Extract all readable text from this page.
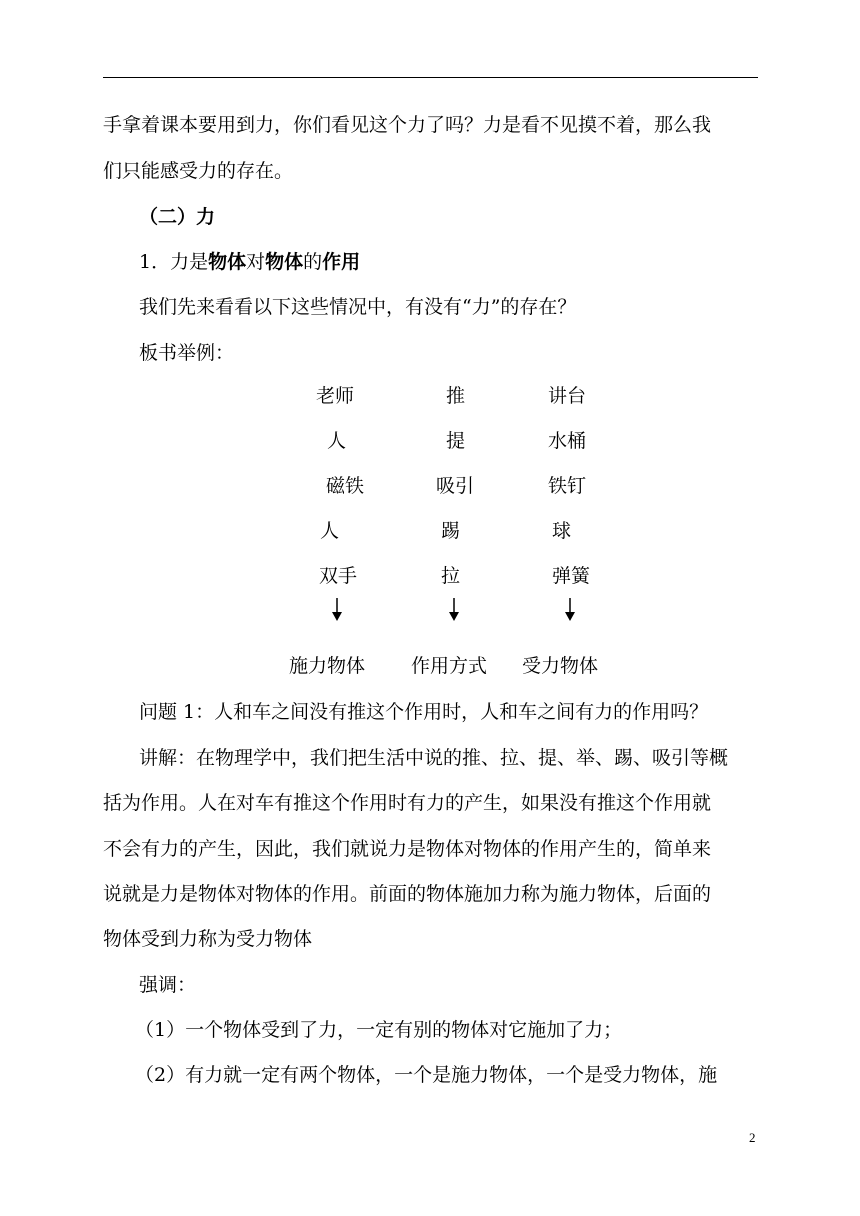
手拿着课本要用到力，你们看见这个力了吗？力是看不见摸不着，那么我
们只能感受力的存在。
（二）力
1．力是物体对物体的作用
我们先来看看以下这些情况中，有没有“力”的存在？
板书举例：
老师	推	讲台
人	提	水桶
磁铁	吸引	铁钉
人	踢	球
双手	拉	弹簧
施力物体 作用方式 受力物体
问题 1：人和车之间没有推这个作用时，人和车之间有力的作用吗？
讲解：在物理学中，我们把生活中说的推、拉、提、举、踢、吸引等概
括为作用。人在对车有推这个作用时有力的产生，如果没有推这个作用就
不会有力的产生，因此，我们就说力是物体对物体的作用产生的，简单来
说就是力是物体对物体的作用。前面的物体施加力称为施力物体，后面的
物体受到力称为受力物体
强调：
（1）一个物体受到了力，一定有别的物体对它施加了力；
（2）有力就一定有两个物体，一个是施力物体，一个是受力物体，施
2
